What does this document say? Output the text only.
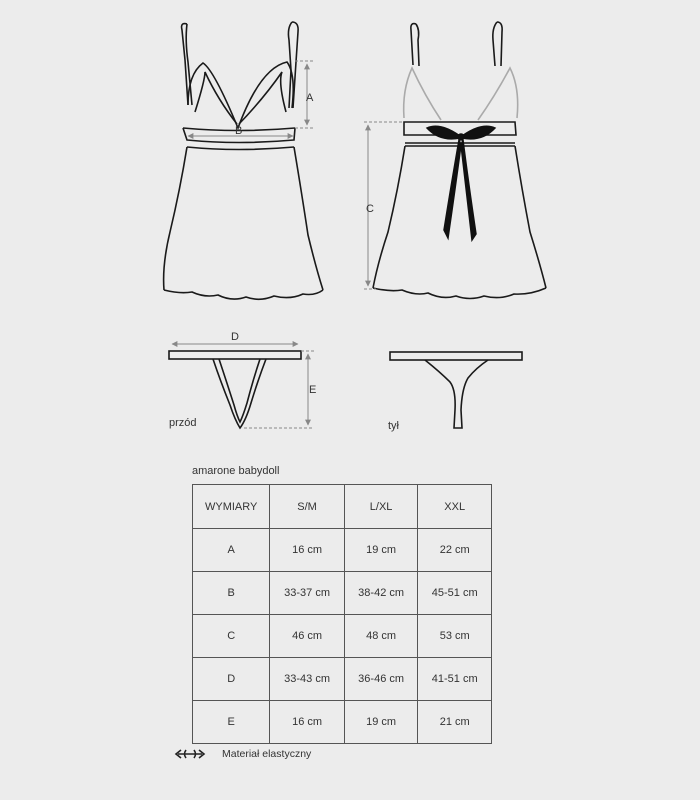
A
B
C
D
E
przód	tył
amarone babydoll
WYMIARY	S/M	L/XL	XXL
A	16 cm	19 cm	22 cm
B	33-37 cm	38-42 cm	45-51 cm
C	46 cm	48 cm	53 cm
D	33-43 cm	36-46 cm	41-51 cm
E	16 cm	19 cm	21 cm
Materiał elastyczny
